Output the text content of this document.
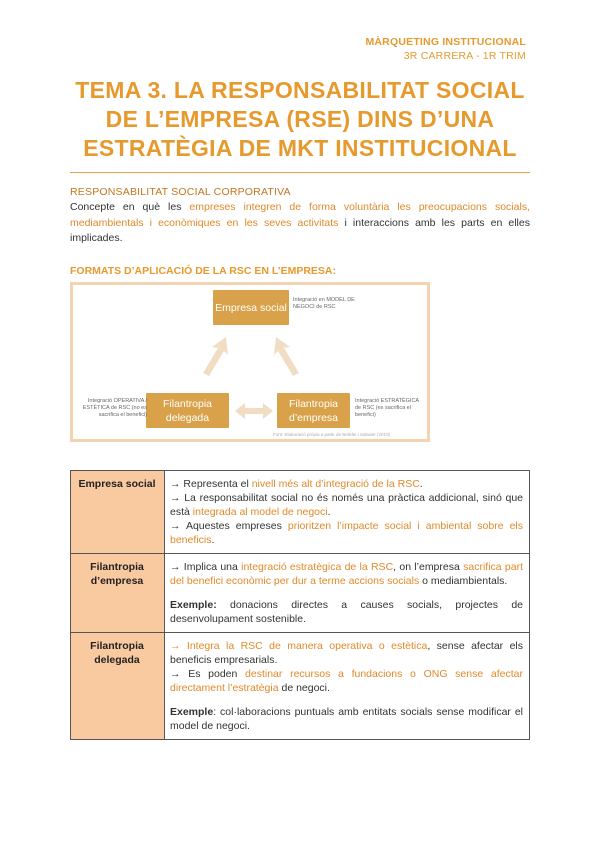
MÀRQUETING INSTITUCIONAL
3R CARRERA - 1R TRIM
TEMA 3. LA RESPONSABILITAT SOCIAL
DE L’EMPRESA (RSE) DINS D’UNA
ESTRATÈGIA DE MKT INSTITUCIONAL
RESPONSABILITAT SOCIAL CORPORATIVA
Concepte en què les empreses integren de forma voluntària les preocupacions socials, mediambientals i econòmiques en les seves activitats i interaccions amb les parts en elles implicades.
FORMATS D’APLICACIÓ DE LA RSC EN L’EMPRESA:
Empresa social
Filantropia delegada
Filantropia d’empresa
Integració en MODEL DE NEGOCI de RSC
Integració OPERATIVA / ESTÈTICA de RSC (no es sacrifica el benefici)
Integració ESTRATÈGICA de RSC (es sacrifica el benefici)
Font: Elaboració pròpia a partir de Beltrán i Sabater (2019)
Empresa social	→ Representa el nivell més alt d’integració de la RSC.
→ La responsabilitat social no és només una pràctica addicional, sinó que està integrada al model de negoci.
→ Aquestes empreses prioritzen l’impacte social i ambiental sobre els beneficis.

Filantropia d’empresa	→ Implica una integració estratègica de la RSC, on l’empresa sacrifica part del benefici econòmic per dur a terme accions socials o mediambientals.
Exemple: donacions directes a causes socials, projectes de desenvolupament sostenible.

Filantropia delegada	→ Integra la RSC de manera operativa o estètica, sense afectar els beneficis empresarials.
→ Es poden destinar recursos a fundacions o ONG sense afectar directament l’estratègia de negoci.
Exemple: col·laboracions puntuals amb entitats socials sense modificar el model de negoci.
